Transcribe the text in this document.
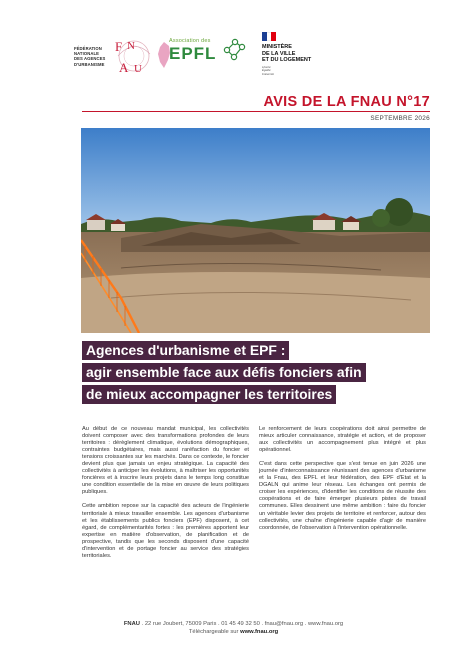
FÉDÉRATION
NATIONALE
DES AGENCES
D'URBANISME
F N
A U
Association des
EPFL	MINISTÈRE
DE LA VILLE
ET DU LOGEMENT
Liberté
Égalité
Fraternité
AVIS DE LA FNAU N°17
SEPTEMBRE 2026
Agences d'urbanisme et EPF :
agir ensemble face aux défis fonciers afin
de mieux accompagner les territoires

Au début de ce nouveau mandat municipal, les collectivités doivent composer avec des transformations profondes de leurs territoires : dérèglement climatique, évolutions démographiques, contraintes budgétaires, mais aussi raréfaction du foncier et tensions croissantes sur les marchés. Dans ce contexte, le foncier devient plus que jamais un enjeu stratégique. La capacité des collectivités à anticiper les évolutions, à maîtriser les opportunités foncières et à inscrire leurs projets dans le temps long constitue une condition essentielle de la mise en œuvre de leurs politiques publiques.

Cette ambition repose sur la capacité des acteurs de l'ingénierie territoriale à mieux travailler ensemble. Les agences d'urbanisme et les établissements publics fonciers (EPF) disposent, à cet égard, de complémentarités fortes : les premières apportent leur expertise en matière d'observation, de planification et de prospective, tandis que les seconds disposent d'une capacité d'intervention et de portage foncier au service des stratégies territoriales.

Le renforcement de leurs coopérations doit ainsi permettre de mieux articuler connaissance, stratégie et action, et de proposer aux collectivités un accompagnement plus intégré et plus opérationnel.

C'est dans cette perspective que s'est tenue en juin 2026 une journée d'interconnaissance réunissant des agences d'urbanisme et la Fnau, des EPFL et leur fédération, des EPF d'Etat et la DGALN qui anime leur réseau. Les échanges ont permis de croiser les expériences, d'identifier les conditions de réussite des coopérations et de faire émerger plusieurs pistes de travail communes. Elles dessinent une même ambition : faire du foncier un véritable levier des projets de territoire et renforcer, autour des collectivités, une chaîne d'ingénierie capable d'agir de manière coordonnée, de l'observation à l'intervention opérationnelle.

FNAU . 22 rue Joubert, 75009 Paris . 01 45 49 32 50 . fnau@fnau.org . www.fnau.org
Téléchargeable sur www.fnau.org
